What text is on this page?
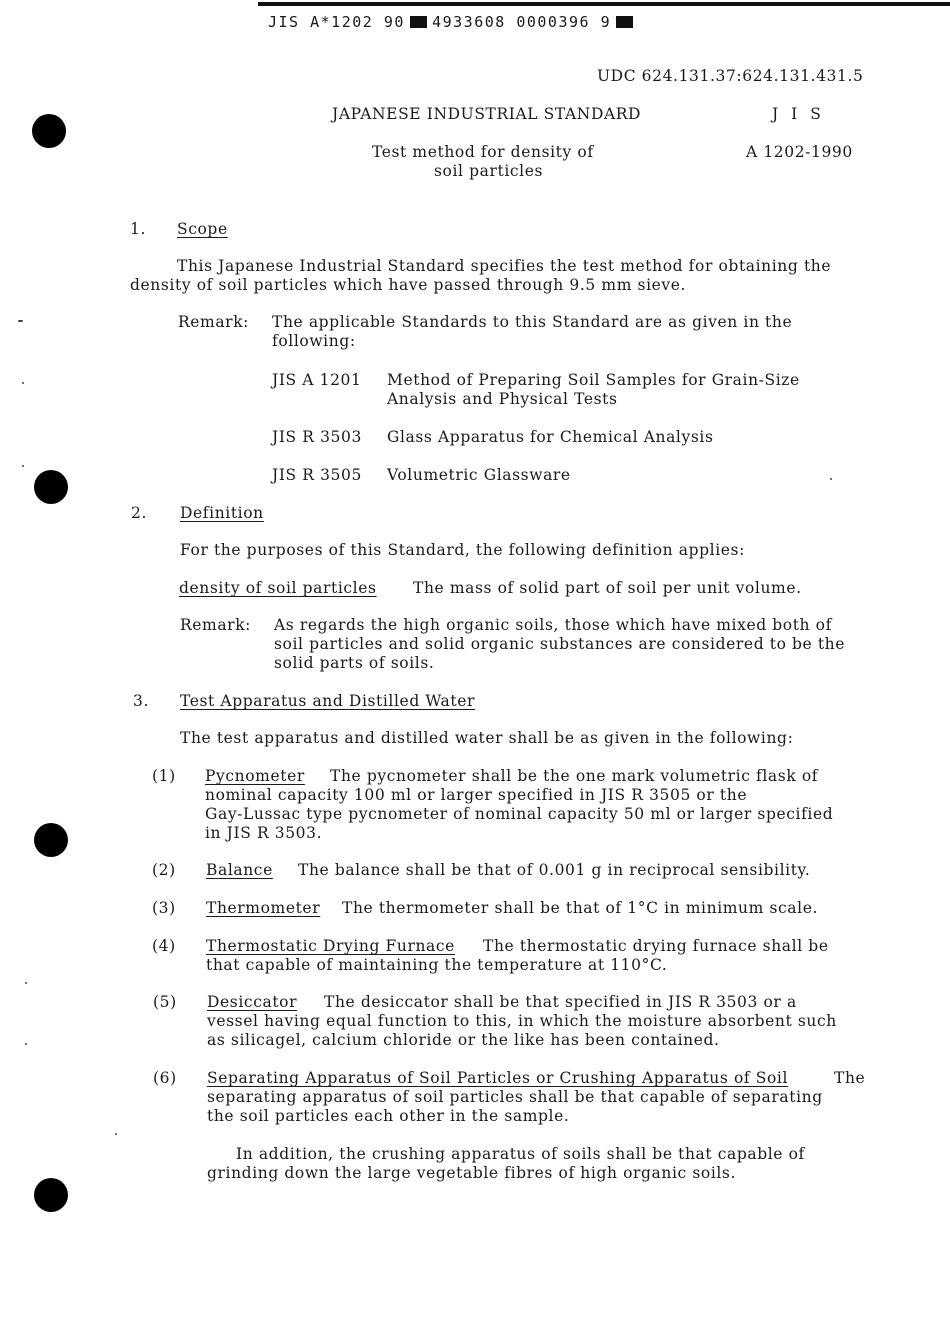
JIS A*1202 90 4933608 0000396 9
UDC 624.131.37:624.131.431.5
JAPANESE INDUSTRIAL STANDARD	J I S
Test method for density of
soil particles
A 1202-1990
1. Scope
This Japanese Industrial Standard specifies the test method for obtaining the
density of soil particles which have passed through 9.5 mm sieve.
Remark: The applicable Standards to this Standard are as given in the
following:
JIS A 1201 Method of Preparing Soil Samples for Grain-Size
Analysis and Physical Tests
JIS R 3503 Glass Apparatus for Chemical Analysis
JIS R 3505 Volumetric Glassware
2. Definition
For the purposes of this Standard, the following definition applies:
density of soil particles The mass of solid part of soil per unit volume.
Remark: As regards the high organic soils, those which have mixed both of
soil particles and solid organic substances are considered to be the
solid parts of soils.
3. Test Apparatus and Distilled Water
The test apparatus and distilled water shall be as given in the following:
(1) Pycnometer The pycnometer shall be the one mark volumetric flask of
nominal capacity 100 ml or larger specified in JIS R 3505 or the
Gay-Lussac type pycnometer of nominal capacity 50 ml or larger specified
in JIS R 3503.
(2) Balance The balance shall be that of 0.001 g in reciprocal sensibility.
(3) Thermometer The thermometer shall be that of 1°C in minimum scale.
(4) Thermostatic Drying Furnace The thermostatic drying furnace shall be
that capable of maintaining the temperature at 110°C.
(5) Desiccator The desiccator shall be that specified in JIS R 3503 or a
vessel having equal function to this, in which the moisture absorbent such
as silicagel, calcium chloride or the like has been contained.
(6) Separating Apparatus of Soil Particles or Crushing Apparatus of Soil	The
separating apparatus of soil particles shall be that capable of separating
the soil particles each other in the sample.
In addition, the crushing apparatus of soils shall be that capable of
grinding down the large vegetable fibres of high organic soils.
